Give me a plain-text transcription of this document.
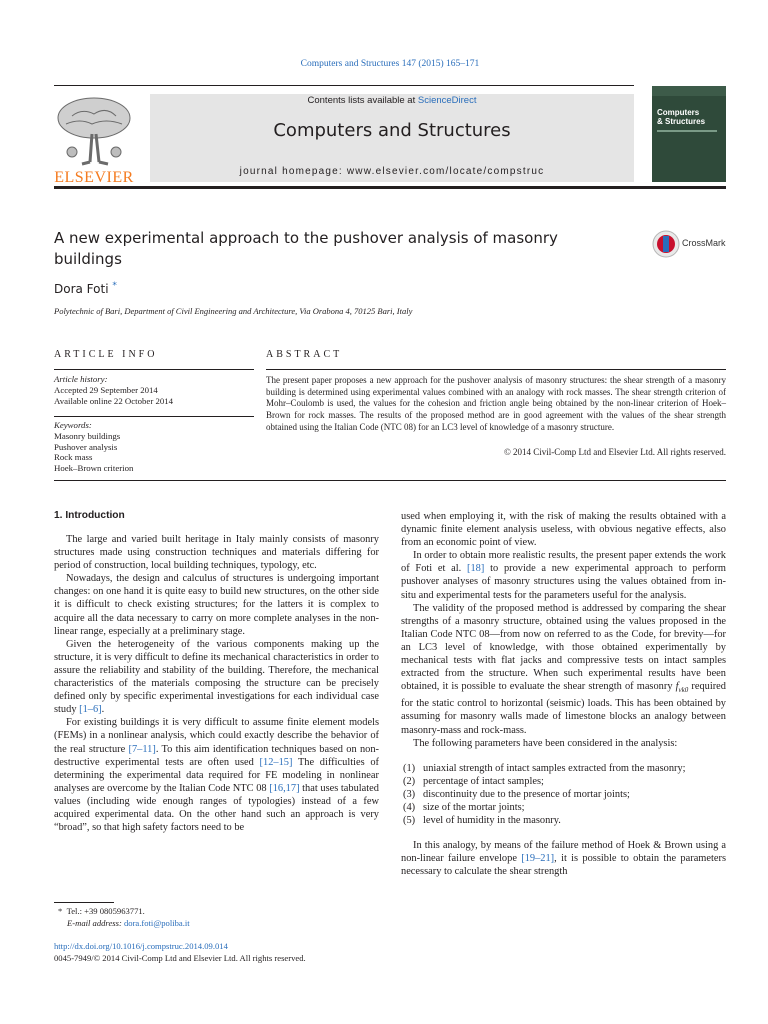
Computers and Structures 147 (2015) 165–171
ELSEVIER
Contents lists available at ScienceDirect
Computers and Structures
journal homepage: www.elsevier.com/locate/compstruc
Computers
& Structures
A new experimental approach to the pushover analysis of masonry buildings
CrossMark
Dora Foti *
Polytechnic of Bari, Department of Civil Engineering and Architecture, Via Orabona 4, 70125 Bari, Italy
ARTICLE INFO
Article history:
Accepted 29 September 2014
Available online 22 October 2014
Keywords:
Masonry buildings
Pushover analysis
Rock mass
Hoek–Brown criterion
ABSTRACT
The present paper proposes a new approach for the pushover analysis of masonry structures: the shear strength of a masonry building is determined using experimental values combined with an analogy with rock masses. The shear strength criterion of Mohr–Coulomb is used, the values for the cohesion and friction angle being obtained by the non-linear criterion of Hoek–Brown for rock masses. The results of the proposed method are in good agreement with the values of the shear strength obtained using the Italian Code (NTC 08) for an LC3 level of knowledge of a masonry structure.
© 2014 Civil-Comp Ltd and Elsevier Ltd. All rights reserved.
1. Introduction

The large and varied built heritage in Italy mainly consists of masonry structures made using construction techniques and materials differing for period of construction, local building techniques, typology, etc.

Nowadays, the design and calculus of structures is undergoing important changes: on one hand it is quite easy to build new structures, on the other side it is difficult to check existing structures; for the latters it is complex to acquire all the data necessary to carry on more complete analyses in the non-linear range, especially at a preliminary stage.

Given the heterogeneity of the various components making up the structure, it is very difficult to define its mechanical characteristics in order to assure the reliability and stability of the building. Therefore, the mechanical characteristics of the materials composing the structure can be precisely defined only by specific experimental investigations for each individual case study [1–6].

For existing buildings it is very difficult to assume finite element models (FEMs) in a nonlinear analysis, which could exactly describe the behavior of the real structure [7–11]. To this aim identification techniques based on non-destructive experimental tests are often used [12–15] The difficulties of determining the experimental data required for FE modeling in nonlinear analyses are overcome by the Italian Code NTC 08 [16,17] that uses tabulated values (including wide enough ranges of typologies) instead of a few acquired experimental data. On the other hand such an approach is very “broad”, so that high safety factors need to be

used when employing it, with the risk of making the results obtained with a dynamic finite element analysis useless, with obvious negative effects, also from an economic point of view.

In order to obtain more realistic results, the present paper extends the work of Foti et al. [18] to provide a new experimental approach to perform pushover analyses of masonry structures using the values obtained from in-situ and experimental tests for the parameters useful for the analysis.

The validity of the proposed method is addressed by comparing the shear strengths of a masonry structure, obtained using the values proposed in the Italian Code NTC 08—from now on referred to as the Code, for brevity—for an LC3 level of knowledge, with those obtained experimentally by mechanical tests with flat jacks and compressive tests on intact samples extracted from the structure. When such experimental results have been obtained, it is possible to evaluate the shear strength of masonry $f_{vk0}$ required for the static control to horizontal (seismic) loads. This has been obtained by assuming for masonry walls made of limestone blocks an analogy between masonry-mass and rock-mass.

The following parameters have been considered in the analysis:

(1) uniaxial strength of intact samples extracted from the masonry;
(2) percentage of intact samples;
(3) discontinuity due to the presence of mortar joints;
(4) size of the mortar joints;
(5) level of humidity in the masonry.

In this analogy, by means of the failure method of Hoek & Brown using a non-linear failure envelope [19–21], it is possible to obtain the parameters necessary to calculate the shear strength

* Tel.: +39 0805963771.
E-mail address: dora.foti@poliba.it
http://dx.doi.org/10.1016/j.compstruc.2014.09.014
0045-7949/© 2014 Civil-Comp Ltd and Elsevier Ltd. All rights reserved.
